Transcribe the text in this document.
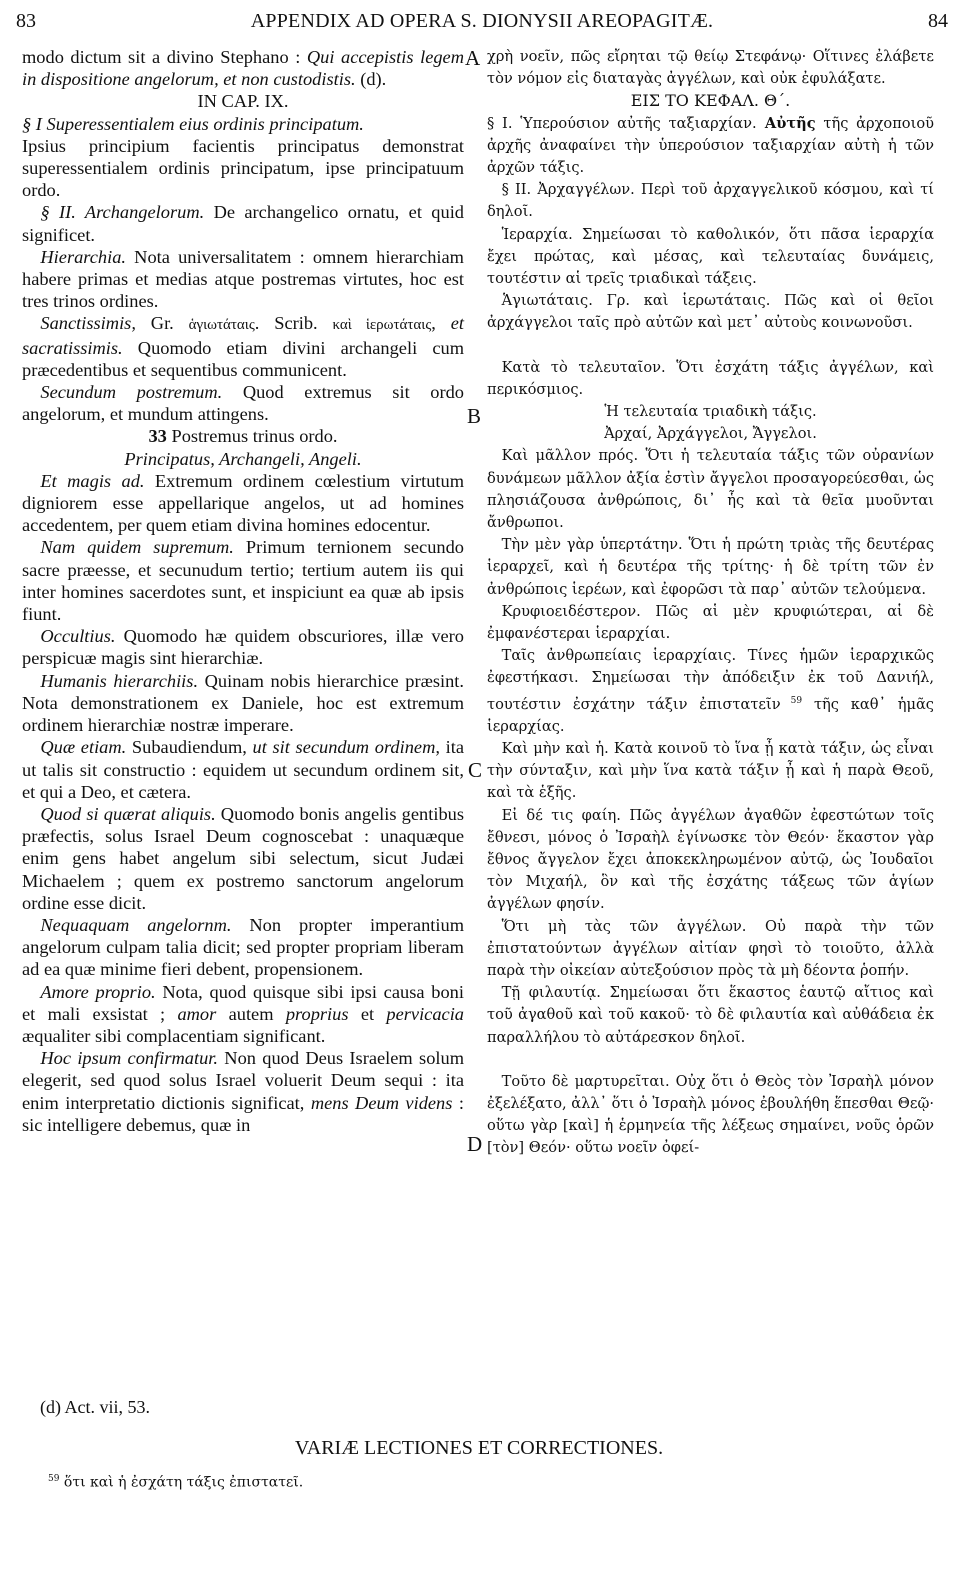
83	APPENDIX AD OPERA S. DIONYSII AREOPAGITÆ.	84
A
B
C
D

modo dictum sit a divino Stephano : Qui accepistis legem in dispositione angelorum, et non custodistis. (d).

IN CAP. IX.

§ I Superessentialem eius ordinis principatum.
Ipsius principium facientis principatus demonstrat superessentialem ordinis principatum, ipse principatuum ordo.

 § II. Archangelorum. De archangelico ornatu, et quid significet.

 Hierarchia. Nota universalitatem : omnem hierarchiam habere primas et medias atque postremas virtutes, hoc est tres trinos ordines.

 Sanctissimis, Gr. ἁγιωτάταις. Scrib. καὶ ἱερωτάταις, et sacratissimis. Quomodo etiam divini archangeli cum præcedentibus et sequentibus communicent.

 Secundum postremum. Quod extremus sit ordo angelorum, et mundum attingens.

33 Postremus trinus ordo.

Principatus, Archangeli, Angeli.

 Et magis ad. Extremum ordinem cœlestium virtutum digniorem esse appellarique angelos, ut ad homines accedentem, per quem etiam divina homines edocentur.

 Nam quidem supremum. Primum ternionem secundo sacre præesse, et secunudum tertio; tertium autem iis qui inter homines sacerdotes sunt, et inspiciunt ea quæ ab ipsis fiunt.

 Occultius. Quomodo hæ quidem obscuriores, illæ vero perspicuæ magis sint hierarchiæ.

 Humanis hierarchiis. Quinam nobis hierarchice præsint. Nota demonstrationem ex Daniele, hoc est extremum ordinem hierarchiæ nostræ imperare.

 Quæ etiam. Subaudiendum, ut sit secundum ordinem, ita ut talis sit constructio : equidem ut secundum ordinem sit, et qui a Deo, et cætera.

 Quod si quærat aliquis. Quomodo bonis angelis gentibus præfectis, solus Israel Deum cognoscebat : unaquæque enim gens habet angelum sibi selectum, sicut Judæi Michaelem ; quem ex postremo sanctorum angelorum ordine esse dicit.

 Nequaquam angelornm. Non propter imperantium angelorum culpam talia dicit; sed propter propriam liberam ad ea quæ minime fieri debent, propensionem.

 Amore proprio. Nota, quod quisque sibi ipsi causa boni et mali exsistat ; amor autem proprius et pervicacia æqualiter sibi complacentiam significant.

 Hoc ipsum confirmatur. Non quod Deus Israelem solum elegerit, sed quod solus Israel voluerit Deum sequi : ita enim interpretatio dictionis significat, mens Deum videns : sic intelligere debemus, quæ in

χρὴ νοεῖν, πῶς εἴρηται τῷ θείῳ Στεφάνῳ· Οἵτινες ἐλάβετε τὸν νόμον εἰς διαταγὰς ἀγγέλων, καὶ οὐκ ἐφυλάξατε.

ΕΙΣ ΤΟ ΚΕΦΑΛ. Θ΄.

§ I. Ὑπερούσιον αὐτῆς ταξιαρχίαν. Αὐτῆς τῆς ἀρχοποιοῦ ἀρχῆς ἀναφαίνει τὴν ὑπερούσιον ταξιαρχίαν αὐτὴ ἡ τῶν ἀρχῶν τάξις.

 § II. Ἀρχαγγέλων. Περὶ τοῦ ἀρχαγγελικοῦ κόσμου, καὶ τί δηλοῖ.

 Ἱεραρχία. Σημείωσαι τὸ καθολικόν, ὅτι πᾶσα ἱεραρχία ἔχει πρώτας, καὶ μέσας, καὶ τελευταίας δυνάμεις, τουτέστιν αἱ τρεῖς τριαδικαὶ τάξεις.

 Ἁγιωτάταις. Γρ. καὶ ἱερωτάταις. Πῶς καὶ οἱ θεῖοι ἀρχάγγελοι ταῖς πρὸ αὐτῶν καὶ μετ᾽ αὐτοὺς κοινωνοῦσι.

 Κατὰ τὸ τελευταῖον. Ὅτι ἐσχάτη τάξις ἀγγέλων, καὶ περικόσμιος.

Ἡ τελευταία τριαδικὴ τάξις.

Ἀρχαί, Ἀρχάγγελοι, Ἄγγελοι.

 Καὶ μᾶλλον πρός. Ὅτι ἡ τελευταία τάξις τῶν οὐρανίων δυνάμεων μᾶλλον ἀξία ἐστὶν ἄγγελοι προσαγορεύεσθαι, ὡς πλησιάζουσα ἀνθρώποις, δι᾽ ἧς καὶ τὰ θεῖα μυοῦνται ἄνθρωποι.

 Τὴν μὲν γὰρ ὑπερτάτην. Ὅτι ἡ πρώτη τριὰς τῆς δευτέρας ἱεραρχεῖ, καὶ ἡ δευτέρα τῆς τρίτης· ἡ δὲ τρίτη τῶν ἐν ἀνθρώποις ἱερέων, καὶ ἐφορῶσι τὰ παρ᾽ αὐτῶν τελούμενα.

 Κρυφιοειδέστερον. Πῶς αἱ μὲν κρυφιώτεραι, αἱ δὲ ἐμφανέστεραι ἱεραρχίαι.

 Ταῖς ἀνθρωπείαις ἱεραρχίαις. Τίνες ἡμῶν ἱεραρχικῶς ἐφεστήκασι. Σημείωσαι τὴν ἀπόδειξιν ἐκ τοῦ Δανιήλ, τουτέστιν ἐσχάτην τάξιν ἐπιστατεῖν $^{59}$ τῆς καθ᾽ ἡμᾶς ἱεραρχίας.

 Καὶ μὴν καὶ ἡ. Κατὰ κοινοῦ τὸ ἵνα ᾖ κατὰ τάξιν, ὡς εἶναι τὴν σύνταξιν, καὶ μὴν ἵνα κατὰ τάξιν ᾖ καὶ ἡ παρὰ Θεοῦ, καὶ τὰ ἑξῆς.

 Εἰ δέ τις φαίη. Πῶς ἀγγέλων ἀγαθῶν ἐφεστώτων τοῖς ἔθνεσι, μόνος ὁ Ἰσραὴλ ἐγίνωσκε τὸν Θεόν· ἕκαστον γὰρ ἔθνος ἄγγελον ἔχει ἀποκεκληρωμένον αὐτῷ, ὡς Ἰουδαῖοι τὸν Μιχαήλ, ὃν καὶ τῆς ἐσχάτης τάξεως τῶν ἁγίων ἀγγέλων φησίν.

 Ὅτι μὴ τὰς τῶν ἀγγέλων. Οὐ παρὰ τὴν τῶν ἐπιστατούντων ἀγγέλων αἰτίαν φησὶ τὸ τοιοῦτο, ἀλλὰ παρὰ τὴν οἰκείαν αὐτεξούσιον πρὸς τὰ μὴ δέοντα ῥοπήν.

 Τῇ φιλαυτίᾳ. Σημείωσαι ὅτι ἕκαστος ἑαυτῷ αἴτιος καὶ τοῦ ἀγαθοῦ καὶ τοῦ κακοῦ· τὸ δὲ φιλαυτία καὶ αὐθάδεια ἐκ παραλλήλου τὸ αὐτάρεσκον δηλοῖ.

 Τοῦτο δὲ μαρτυρεῖται. Οὐχ ὅτι ὁ Θεὸς τὸν Ἰσραὴλ μόνον ἐξελέξατο, ἀλλ᾽ ὅτι ὁ Ἰσραὴλ μόνος ἐβουλήθη ἕπεσθαι Θεῷ· οὕτω γὰρ [καὶ] ἡ ἑρμηνεία τῆς λέξεως σημαίνει, νοῦς ὁρῶν [τὸν] Θεόν· οὕτω νοεῖν ὀφεί-

(d) Act. vii, 53.
VARIÆ LECTIONES ET CORRECTIONES.
$^{59}$ ὅτι καὶ ἡ ἐσχάτη τάξις ἐπιστατεῖ.
